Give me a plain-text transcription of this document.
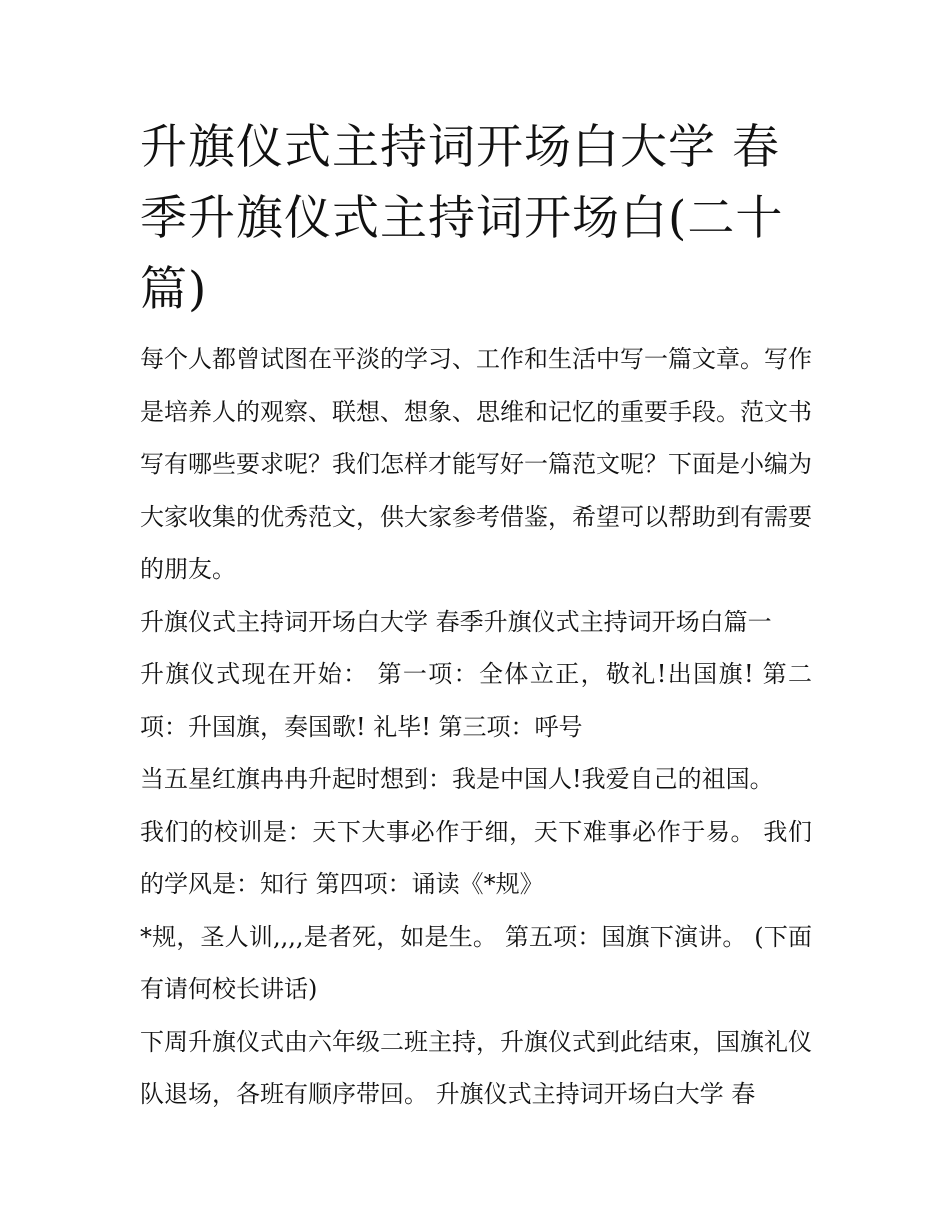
升旗仪式主持词开场白大学 春季升旗仪式主持词开场白(二十篇)

每个人都曾试图在平淡的学习、工作和生活中写一篇文章。写作是培养人的观察、联想、想象、思维和记忆的重要手段。范文书写有哪些要求呢？我们怎样才能写好一篇范文呢？下面是小编为大家收集的优秀范文，供大家参考借鉴，希望可以帮助到有需要的朋友。

升旗仪式主持词开场白大学 春季升旗仪式主持词开场白篇一

升旗仪式现在开始： 第一项：全体立正，敬礼!出国旗! 第二项：升国旗，奏国歌! 礼毕! 第三项：呼号

当五星红旗冉冉升起时想到：我是中国人!我爱自己的祖国。

我们的校训是：天下大事必作于细，天下难事必作于易。 我们的学风是：知行 第四项：诵读《*规》

*规，圣人训,,,,是者死，如是生。 第五项：国旗下演讲。 (下面有请何校长讲话)

下周升旗仪式由六年级二班主持，升旗仪式到此结束，国旗礼仪队退场，各班有顺序带回。 升旗仪式主持词开场白大学 春
